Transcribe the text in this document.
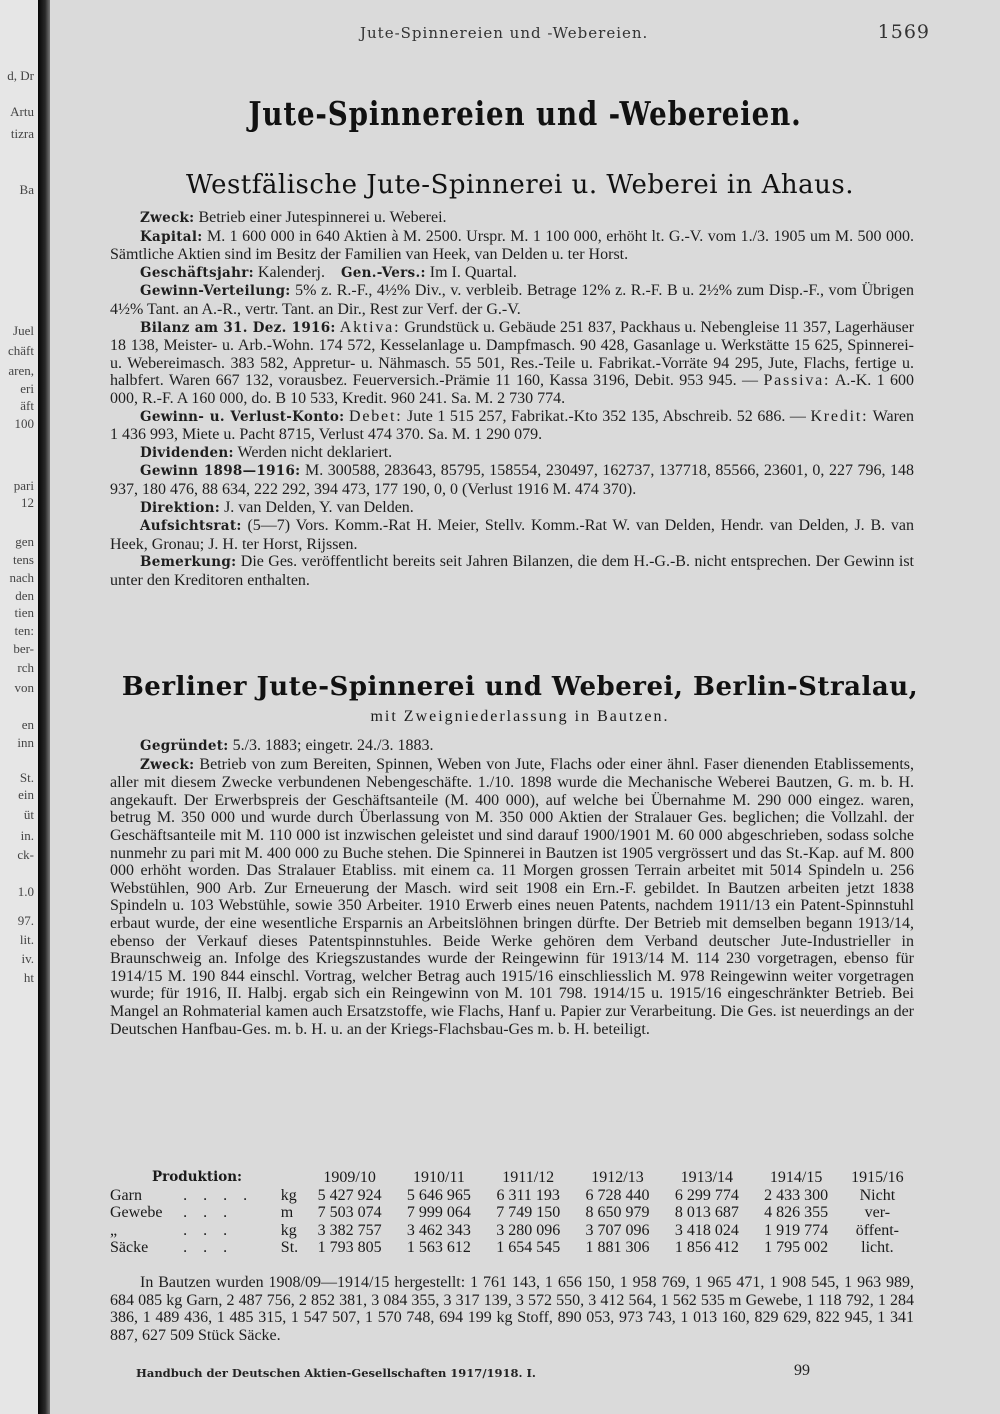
d, Dr
Artu
tizra
Ba
Juel
chäft
aren,
eri
äft
100
pari
12
gen
tens
nach
den
tien
ten:
ber-
rch
von
en
inn
St.
ein
üt
in.
ck-
1.0
97.
lit.
iv.
ht
Jute-Spinnereien und -Webereien.	1569
Jute-Spinnereien und -Webereien.
Westfälische Jute-Spinnerei u. Weberei in Ahaus.

Zweck: Betrieb einer Jutespinnerei u. Weberei.

Kapital: M. 1 600 000 in 640 Aktien à M. 2500. Urspr. M. 1 100 000, erhöht lt. G.-V. vom 1./3. 1905 um M. 500 000. Sämtliche Aktien sind im Besitz der Familien van Heek, van Delden u. ter Horst.

Geschäftsjahr: Kalenderj. Gen.-Vers.: Im I. Quartal.

Gewinn-Verteilung: 5% z. R.-F., 4½% Div., v. verbleib. Betrage 12% z. R.-F. B u. 2½% zum Disp.-F., vom Übrigen 4½% Tant. an A.-R., vertr. Tant. an Dir., Rest zur Verf. der G.-V.

Bilanz am 31. Dez. 1916: Aktiva: Grundstück u. Gebäude 251 837, Packhaus u. Nebengleise 11 357, Lagerhäuser 18 138, Meister- u. Arb.-Wohn. 174 572, Kesselanlage u. Dampfmasch. 90 428, Gasanlage u. Werkstätte 15 625, Spinnerei- u. Webereimasch. 383 582, Appretur- u. Nähmasch. 55 501, Res.-Teile u. Fabrikat.-Vorräte 94 295, Jute, Flachs, fertige u. halbfert. Waren 667 132, vorausbez. Feuerversich.-Prämie 11 160, Kassa 3196, Debit. 953 945. — Passiva: A.-K. 1 600 000, R.-F. A 160 000, do. B 10 533, Kredit. 960 241. Sa. M. 2 730 774.

Gewinn- u. Verlust-Konto: Debet: Jute 1 515 257, Fabrikat.-Kto 352 135, Abschreib. 52 686. — Kredit: Waren 1 436 993, Miete u. Pacht 8715, Verlust 474 370. Sa. M. 1 290 079.

Dividenden: Werden nicht deklariert.

Gewinn 1898—1916: M. 300588, 283643, 85795, 158554, 230497, 162737, 137718, 85566, 23601, 0, 227 796, 148 937, 180 476, 88 634, 222 292, 394 473, 177 190, 0, 0 (Verlust 1916 M. 474 370).

Direktion: J. van Delden, Y. van Delden.

Aufsichtsrat: (5—7) Vors. Komm.-Rat H. Meier, Stellv. Komm.-Rat W. van Delden, Hendr. van Delden, J. B. van Heek, Gronau; J. H. ter Horst, Rijssen.

Bemerkung: Die Ges. veröffentlicht bereits seit Jahren Bilanzen, die dem H.-G.-B. nicht entsprechen. Der Gewinn ist unter den Kreditoren enthalten.

Berliner Jute-Spinnerei und Weberei, Berlin-Stralau,
mit Zweigniederlassung in Bautzen.

Gegründet: 5./3. 1883; eingetr. 24./3. 1883.

Zweck: Betrieb von zum Bereiten, Spinnen, Weben von Jute, Flachs oder einer ähnl. Faser dienenden Etablissements, aller mit diesem Zwecke verbundenen Nebengeschäfte. 1./10. 1898 wurde die Mechanische Weberei Bautzen, G. m. b. H. angekauft. Der Erwerbspreis der Geschäftsanteile (M. 400 000), auf welche bei Übernahme M. 290 000 eingez. waren, betrug M. 350 000 und wurde durch Überlassung von M. 350 000 Aktien der Stralauer Ges. beglichen; die Vollzahl. der Geschäftsanteile mit M. 110 000 ist inzwischen geleistet und sind darauf 1900/1901 M. 60 000 abgeschrieben, sodass solche nunmehr zu pari mit M. 400 000 zu Buche stehen. Die Spinnerei in Bautzen ist 1905 vergrössert und das St.-Kap. auf M. 800 000 erhöht worden. Das Stralauer Etabliss. mit einem ca. 11 Morgen grossen Terrain arbeitet mit 5014 Spindeln u. 256 Webstühlen, 900 Arb. Zur Erneuerung der Masch. wird seit 1908 ein Ern.-F. gebildet. In Bautzen arbeiten jetzt 1838 Spindeln u. 103 Webstühle, sowie 350 Arbeiter. 1910 Erwerb eines neuen Patents, nachdem 1911/13 ein Patent-Spinnstuhl erbaut wurde, der eine wesentliche Ersparnis an Arbeitslöhnen bringen dürfte. Der Betrieb mit demselben begann 1913/14, ebenso der Verkauf dieses Patentspinnstuhles. Beide Werke gehören dem Verband deutscher Jute-Industrieller in Braunschweig an. Infolge des Kriegszustandes wurde der Reingewinn für 1913/14 M. 114 230 vorgetragen, ebenso für 1914/15 M. 190 844 einschl. Vortrag, welcher Betrag auch 1915/16 einschliesslich M. 978 Reingewinn weiter vorgetragen wurde; für 1916, II. Halbj. ergab sich ein Reingewinn von M. 101 798. 1914/15 u. 1915/16 eingeschränkter Betrieb. Bei Mangel an Rohmaterial kamen auch Ersatzstoffe, wie Flachs, Hanf u. Papier zur Verarbeitung. Die Ges. ist neuerdings an der Deutschen Hanfbau-Ges. m. b. H. u. an der Kriegs-Flachsbau-Ges m. b. H. beteiligt.

Produktion:			1909/10	1910/11	1911/12	1912/13	1913/14	1914/15	1915/16
Garn	. . . .	kg	5 427 924	5 646 965	6 311 193	6 728 440	6 299 774	2 433 300	Nicht
Gewebe	. . .	m	7 503 074	7 999 064	7 749 150	8 650 979	8 013 687	4 826 355	ver-
„	. . .	kg	3 382 757	3 462 343	3 280 096	3 707 096	3 418 024	1 919 774	öffent-
Säcke	. . .	St.	1 793 805	1 563 612	1 654 545	1 881 306	1 856 412	1 795 002	licht.

In Bautzen wurden 1908/09—1914/15 hergestellt: 1 761 143, 1 656 150, 1 958 769, 1 965 471, 1 908 545, 1 963 989, 684 085 kg Garn, 2 487 756, 2 852 381, 3 084 355, 3 317 139, 3 572 550, 3 412 564, 1 562 535 m Gewebe, 1 118 792, 1 284 386, 1 489 436, 1 485 315, 1 547 507, 1 570 748, 694 199 kg Stoff, 890 053, 973 743, 1 013 160, 829 629, 822 945, 1 341 887, 627 509 Stück Säcke.

Handbuch der Deutschen Aktien-Gesellschaften 1917/1918. I.	99
